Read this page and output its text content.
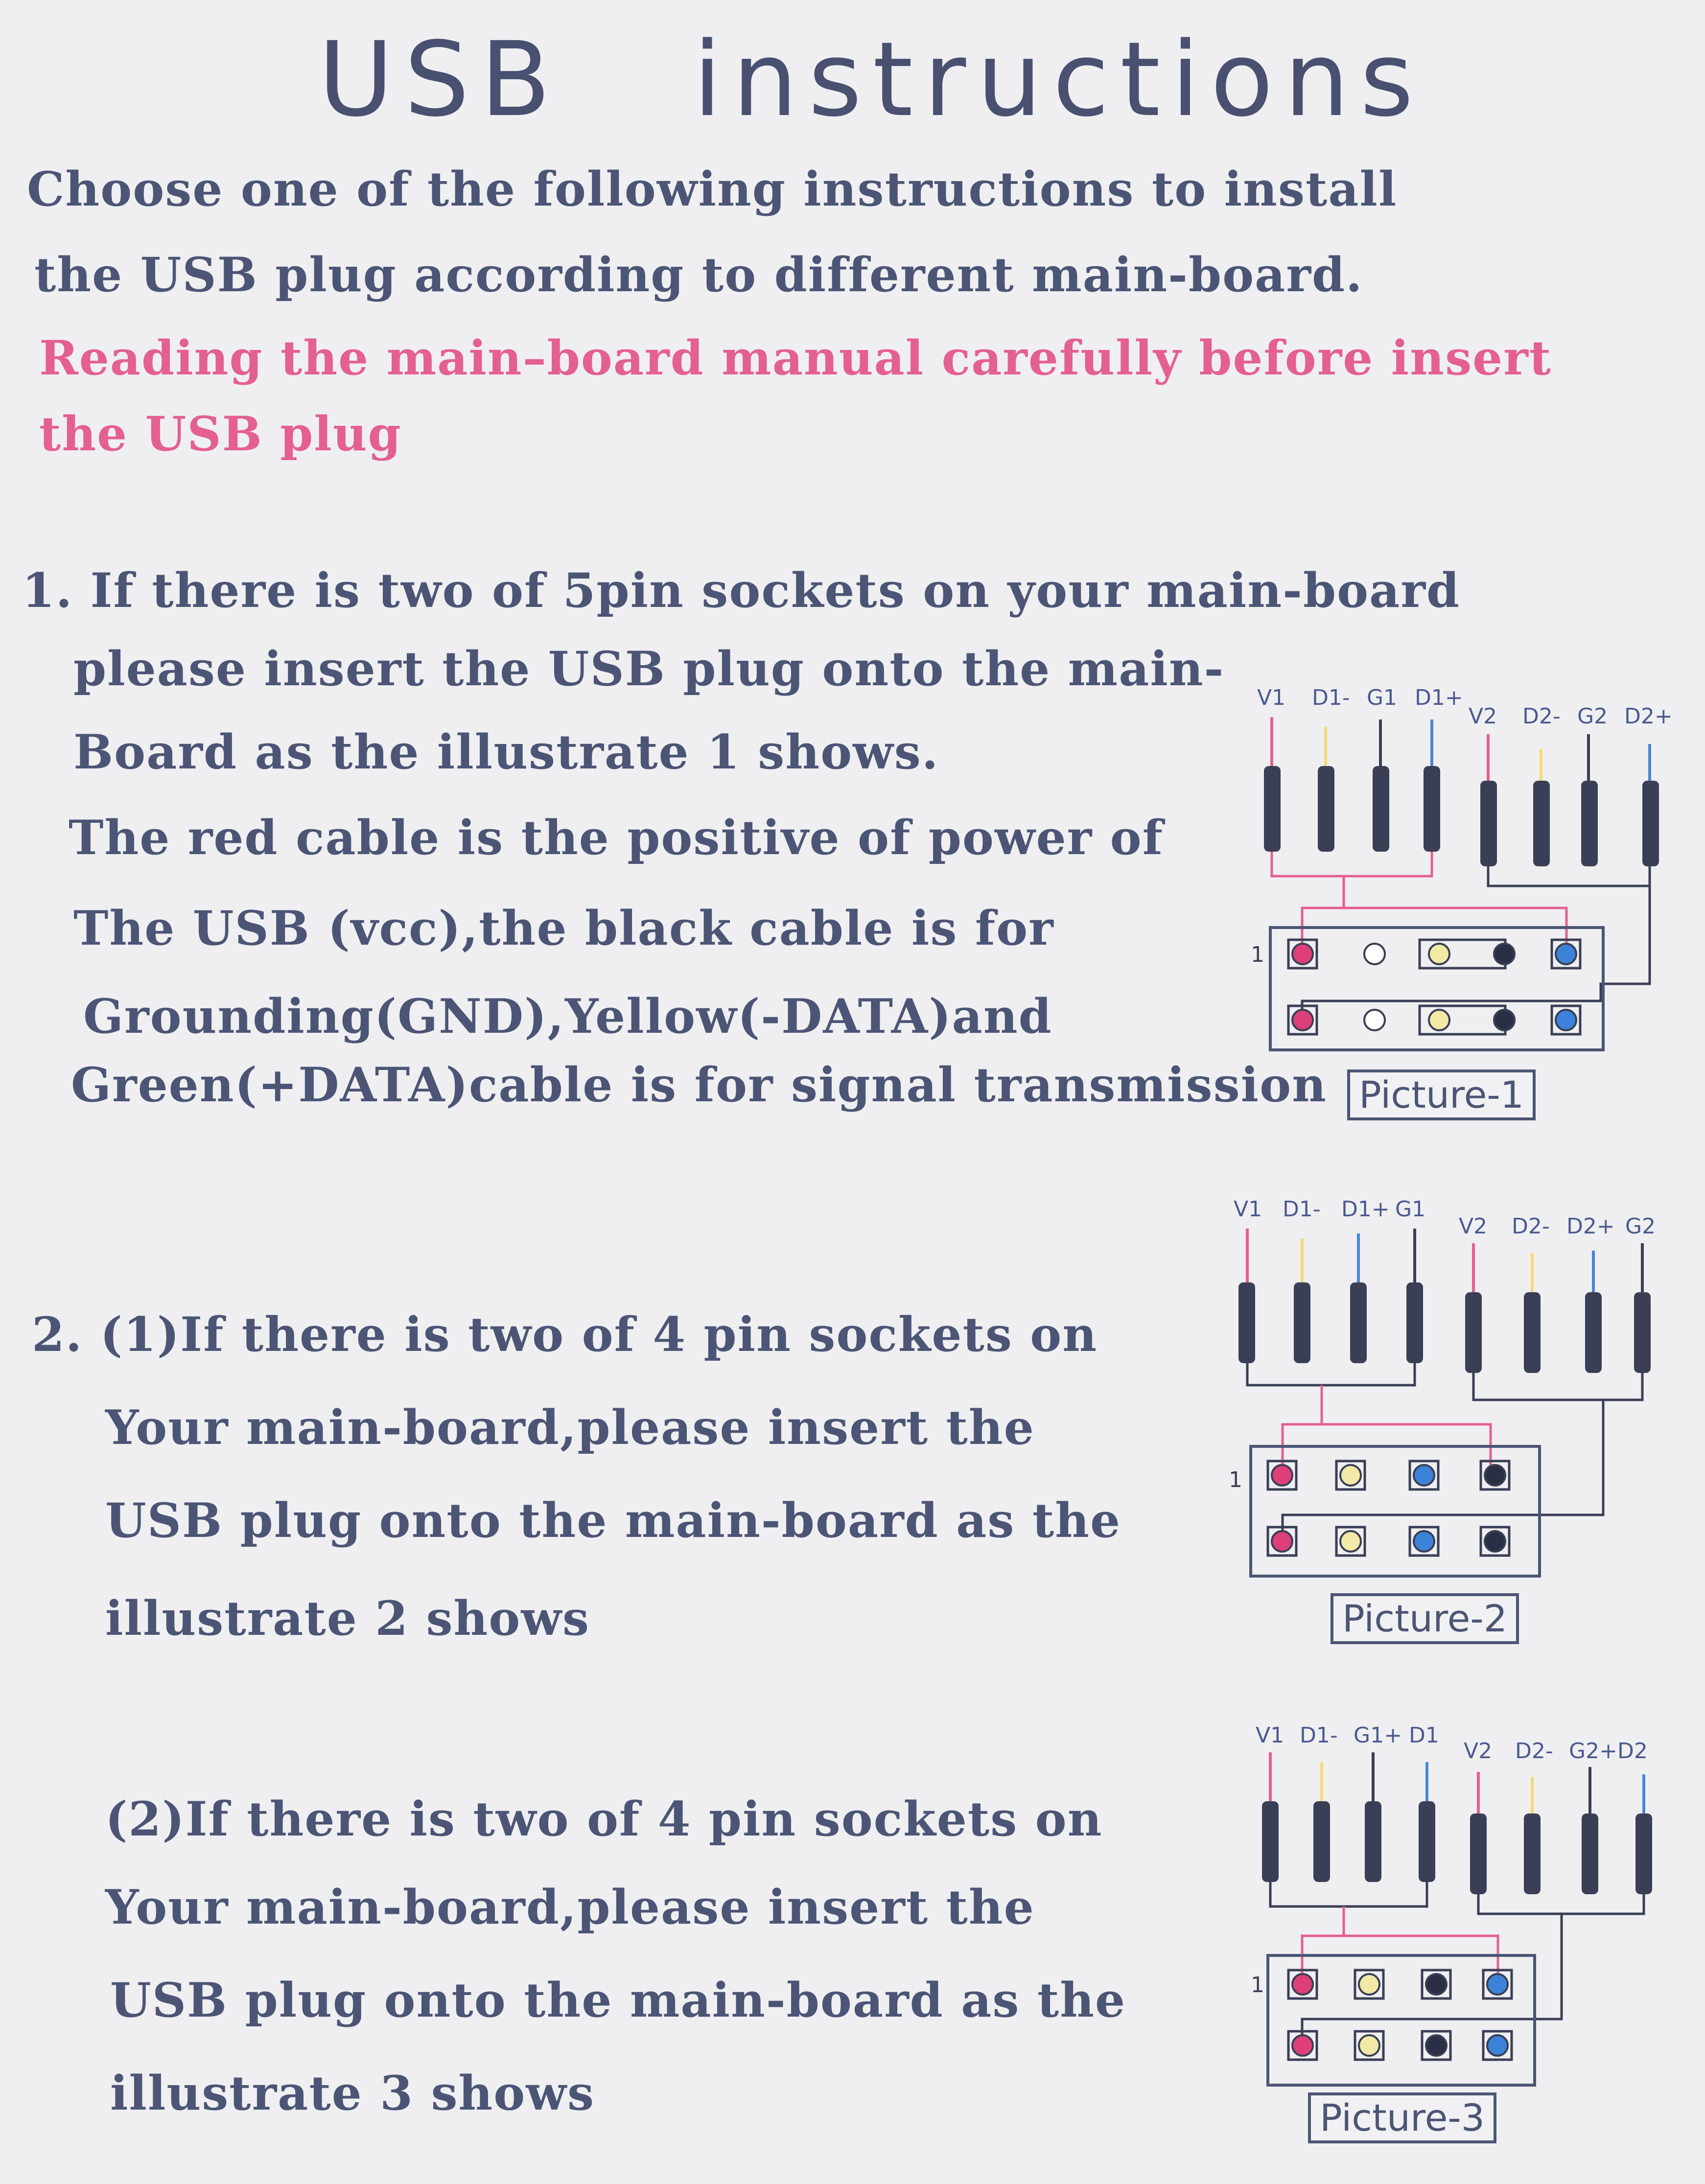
USB instructions

Choose one of the following instructions to install

the USB plug according to different main-board.

Reading the main–board manual carefully before insert

the USB plug

1. If there is two of 5pin sockets on your main-board

please insert the USB plug onto the main-

Board as the illustrate 1 shows.

The red cable is the positive of power of

The USB (vcc),the black cable is for

Grounding(GND),Yellow(-DATA)and

Green(+DATA)cable is for signal transmission

2. (1)If there is two of 4 pin sockets on

Your main-board,please insert the

USB plug onto the main-board as the

illustrate 2 shows

(2)If there is two of 4 pin sockets on

Your main-board,please insert the

USB plug onto the main-board as the

illustrate 3 shows

V1 D1- G1 D1+
V2 D2- G2 D2+
1
Picture-1
V1 D1- D1+ G1
V2 D2- D2+ G2
1
Picture-2
V1 D1- G1+ D1
V2 D2- G2+D2
1
Picture-3
